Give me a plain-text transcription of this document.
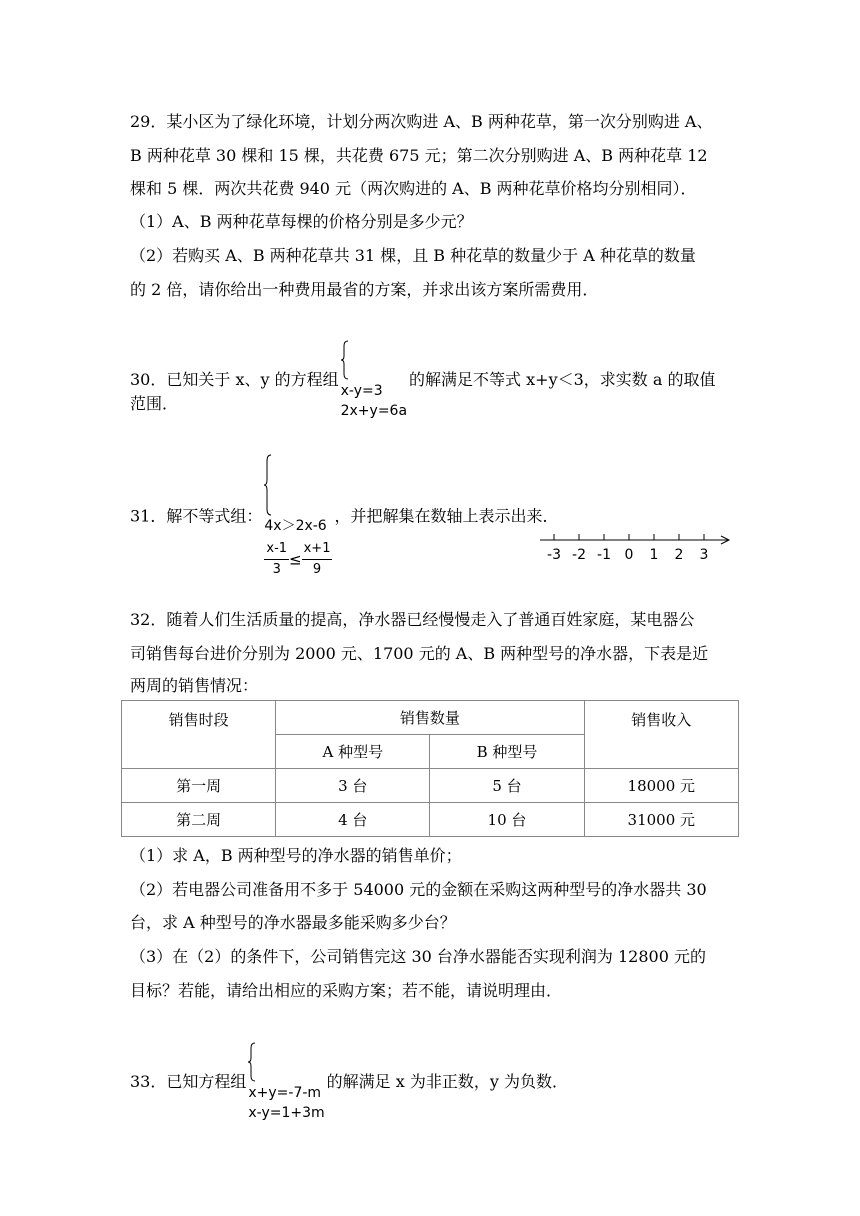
29．某小区为了绿化环境，计划分两次购进 A、B 两种花草，第一次分别购进 A、
B 两种花草 30 棵和 15 棵，共花费 675 元；第二次分别购进 A、B 两种花草 12
棵和 5 棵．两次共花费 940 元（两次购进的 A、B 两种花草价格均分别相同）．
（1）A、B 两种花草每棵的价格分别是多少元？
（2）若购买 A、B 两种花草共 31 棵，且 B 种花草的数量少于 A 种花草的数量
的 2 倍，请你给出一种费用最省的方案，并求出该方案所需费用．
30．已知关于 x、y 的方程组
x-y=3
2x+y=6a
的解满足不等式 x+y＜3，求实数 a 的取值
范围．
31．解不等式组：
4x＞2x-6
$\frac{x-1}{3} \le \frac{x+1}{9}$
，并把解集在数轴上表示出来．
-3 -2 -1 0 1 2 3
32．随着人们生活质量的提高，净水器已经慢慢走入了普通百姓家庭，某电器公
司销售每台进价分别为 2000 元、1700 元的 A、B 两种型号的净水器，下表是近
两周的销售情况：
销售时段	销售数量		销售收入
	A 种型号	B 种型号	
第一周	3 台	5 台	18000 元
第二周	4 台	10 台	31000 元
（1）求 A，B 两种型号的净水器的销售单价；
（2）若电器公司准备用不多于 54000 元的金额在采购这两种型号的净水器共 30
台，求 A 种型号的净水器最多能采购多少台？
（3）在（2）的条件下，公司销售完这 30 台净水器能否实现利润为 12800 元的
目标？若能，请给出相应的采购方案；若不能，请说明理由．
33．已知方程组
x+y=-7-m
x-y=1+3m
的解满足 x 为非正数，y 为负数．
